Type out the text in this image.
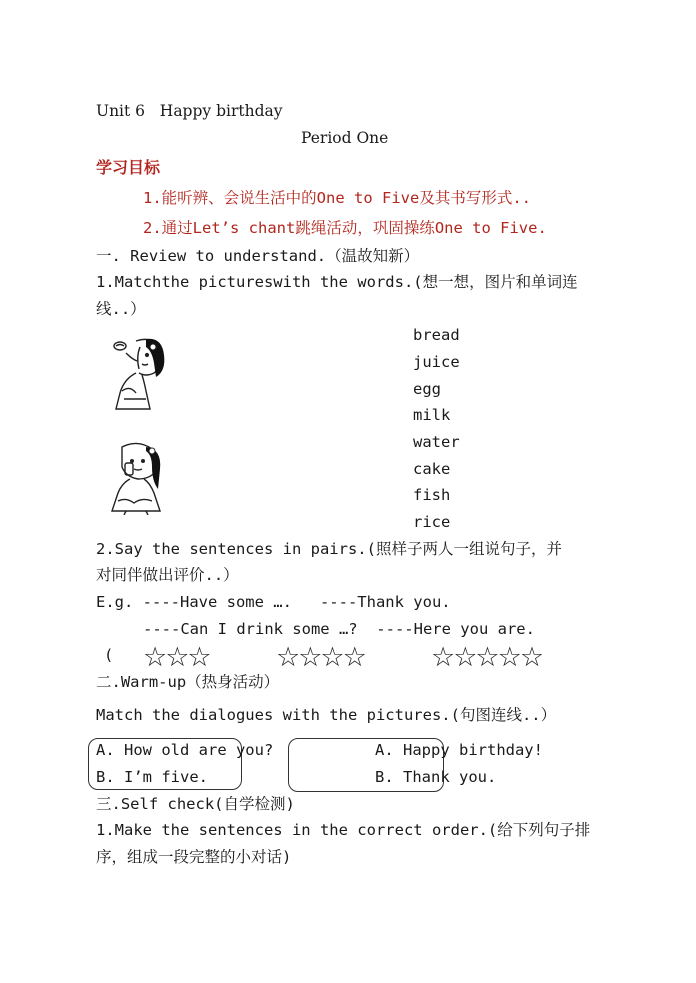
Unit 6   Happy birthday
Period One
学习目标
1.能听辨、会说生活中的One to Five及其书写形式..
2.通过Let’s chant跳绳活动，巩固操练One to Five.
一. Review to understand.（温故知新）
1.Matchthe pictureswith the words.(想一想，图片和单词连
线..）
bread
juice
egg
milk
water
cake
fish
rice
2.Say the sentences in pairs.(照样子两人一组说句子，并
对同伴做出评价..）
E.g. ----Have some ….   ----Thank you.
----Can I drink some …?  ----Here you are.
( ☆☆☆ ☆☆☆☆ ☆☆☆☆☆
二.Warm-up（热身活动）
Match the dialogues with the pictures.(句图连线..）
A. How old are you?
B. I’m five.
A. Happy birthday!
B. Thank you.
三.Self check(自学检测)
1.Make the sentences in the correct order.(给下列句子排
序，组成一段完整的小对话)
